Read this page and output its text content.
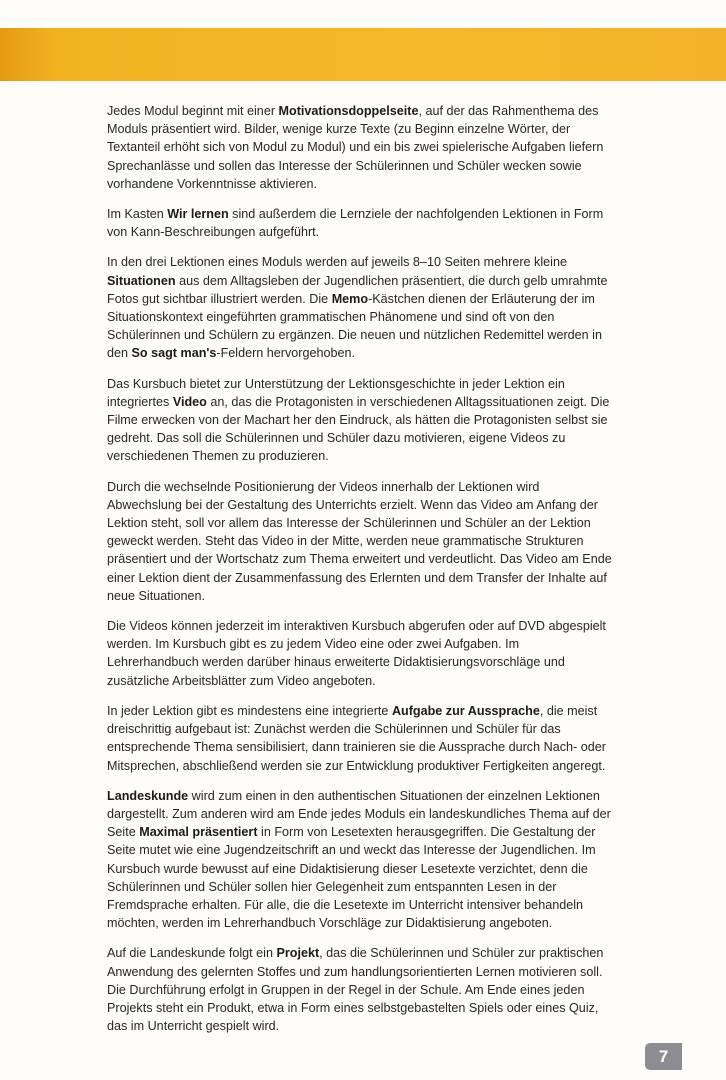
Jedes Modul beginnt mit einer Motivationsdoppelseite, auf der das Rahmenthema des Moduls präsentiert wird. Bilder, wenige kurze Texte (zu Beginn einzelne Wörter, der Textanteil erhöht sich von Modul zu Modul) und ein bis zwei spielerische Aufgaben liefern Sprechanlässe und sollen das Interesse der Schülerinnen und Schüler wecken sowie vorhandene Vorkenntnisse aktivieren.

Im Kasten Wir lernen sind außerdem die Lernziele der nachfolgenden Lektionen in Form von Kann-Beschreibungen aufgeführt.

In den drei Lektionen eines Moduls werden auf jeweils 8–10 Seiten mehrere kleine Situationen aus dem Alltagsleben der Jugendlichen präsentiert, die durch gelb umrahmte Fotos gut sichtbar illustriert werden. Die Memo-Kästchen dienen der Erläuterung der im Situationskontext eingeführten grammatischen Phänomene und sind oft von den Schülerinnen und Schülern zu ergänzen. Die neuen und nützlichen Redemittel werden in den So sagt man's-Feldern hervorgehoben.

Das Kursbuch bietet zur Unterstützung der Lektionsgeschichte in jeder Lektion ein integriertes Video an, das die Protagonisten in verschiedenen Alltagssituationen zeigt. Die Filme erwecken von der Machart her den Eindruck, als hätten die Protagonisten selbst sie gedreht. Das soll die Schülerinnen und Schüler dazu motivieren, eigene Videos zu verschiedenen Themen zu produzieren.

Durch die wechselnde Positionierung der Videos innerhalb der Lektionen wird Abwechslung bei der Gestaltung des Unterrichts erzielt. Wenn das Video am Anfang der Lektion steht, soll vor allem das Interesse der Schülerinnen und Schüler an der Lektion geweckt werden. Steht das Video in der Mitte, werden neue grammatische Strukturen präsentiert und der Wortschatz zum Thema erweitert und verdeutlicht. Das Video am Ende einer Lektion dient der Zusammenfassung des Erlernten und dem Transfer der Inhalte auf neue Situationen.

Die Videos können jederzeit im interaktiven Kursbuch abgerufen oder auf DVD abgespielt werden. Im Kursbuch gibt es zu jedem Video eine oder zwei Aufgaben. Im Lehrerhandbuch werden darüber hinaus erweiterte Didaktisierungsvorschläge und zusätzliche Arbeitsblätter zum Video angeboten.

In jeder Lektion gibt es mindestens eine integrierte Aufgabe zur Aussprache, die meist dreischrittig aufgebaut ist: Zunächst werden die Schülerinnen und Schüler für das entsprechende Thema sensibilisiert, dann trainieren sie die Aussprache durch Nach- oder Mitsprechen, abschließend werden sie zur Entwicklung produktiver Fertigkeiten angeregt.

Landeskunde wird zum einen in den authentischen Situationen der einzelnen Lektionen dargestellt. Zum anderen wird am Ende jedes Moduls ein landeskundliches Thema auf der Seite Maximal präsentiert in Form von Lesetexten herausgegriffen. Die Gestaltung der Seite mutet wie eine Jugendzeitschrift an und weckt das Interesse der Jugendlichen. Im Kursbuch wurde bewusst auf eine Didaktisierung dieser Lesetexte verzichtet, denn die Schülerinnen und Schüler sollen hier Gelegenheit zum entspannten Lesen in der Fremdsprache erhalten. Für alle, die die Lesetexte im Unterricht intensiver behandeln möchten, werden im Lehrerhandbuch Vorschläge zur Didaktisierung angeboten.

Auf die Landeskunde folgt ein Projekt, das die Schülerinnen und Schüler zur praktischen Anwendung des gelernten Stoffes und zum handlungsorientierten Lernen motivieren soll. Die Durchführung erfolgt in Gruppen in der Regel in der Schule. Am Ende eines jeden Projekts steht ein Produkt, etwa in Form eines selbstgebastelten Spiels oder eines Quiz, das im Unterricht gespielt wird.

7
